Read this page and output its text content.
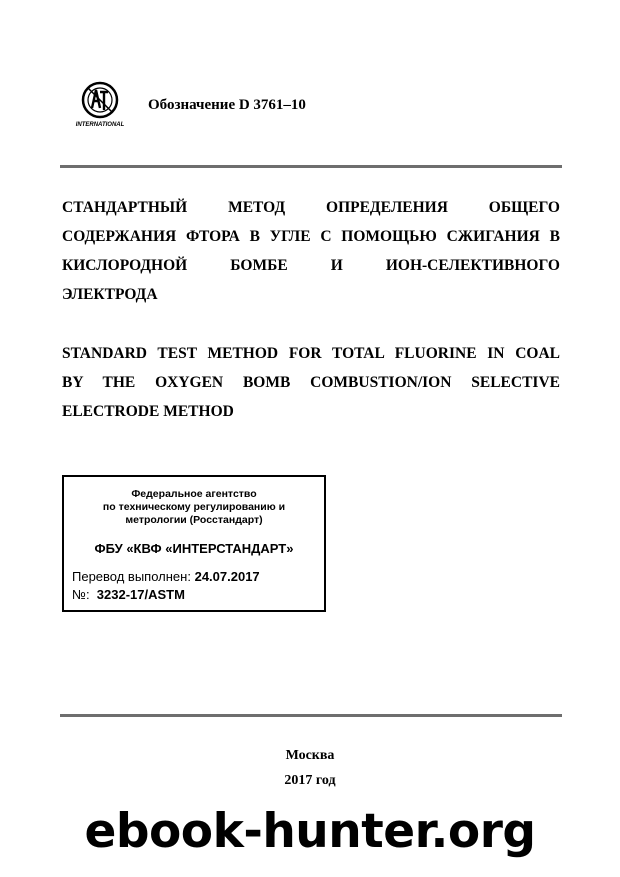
INTERNATIONAL
Обозначение D 3761–10
СТАНДАРТНЫЙ МЕТОД ОПРЕДЕЛЕНИЯ ОБЩЕГО
СОДЕРЖАНИЯ ФТОРА В УГЛЕ С ПОМОЩЬЮ СЖИГАНИЯ В
КИСЛОРОДНОЙ БОМБЕ И ИОН-СЕЛЕКТИВНОГО
ЭЛЕКТРОДА
STANDARD TEST METHOD FOR TOTAL FLUORINE IN COAL
BY THE OXYGEN BOMB COMBUSTION/ION SELECTIVE
ELECTRODE METHOD
Федеральное агентство
по техническому регулированию и
метрологии (Росстандарт)
ФБУ «КВФ «ИНТЕРСТАНДАРТ»
Перевод выполнен: 24.07.2017
№: 3232-17/ASTM
Москва
2017 год
ebook-hunter.org
